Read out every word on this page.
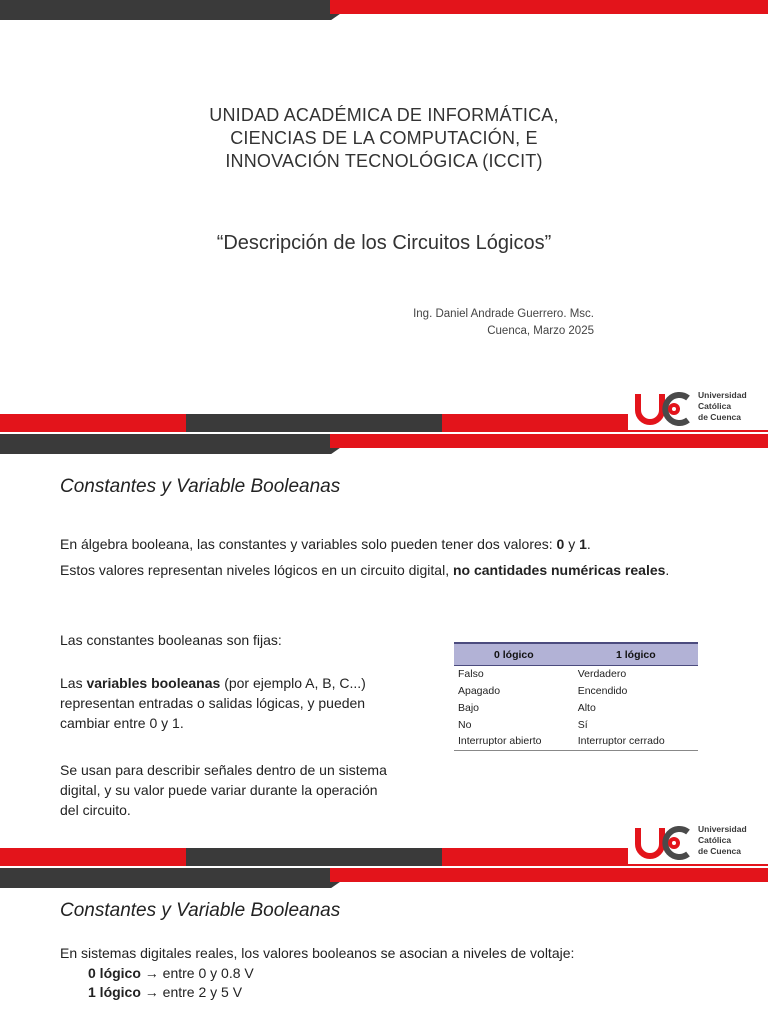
UNIDAD ACADÉMICA DE INFORMÁTICA,
CIENCIAS DE LA COMPUTACIÓN, E
INNOVACIÓN TECNOLÓGICA (ICCIT)
“Descripción de los Circuitos Lógicos”
Ing. Daniel Andrade Guerrero. Msc.
Cuenca, Marzo 2025
Universidad
Católica
de Cuenca
Constantes y Variable Booleanas
En álgebra booleana, las constantes y variables solo pueden tener dos valores: 0 y 1.
Estos valores representan niveles lógicos en un circuito digital, no cantidades numéricas reales.
Las constantes booleanas son fijas:
Las variables booleanas (por ejemplo A, B, C...)
representan entradas o salidas lógicas, y pueden
cambiar entre 0 y 1.
Se usan para describir señales dentro de un sistema
digital, y su valor puede variar durante la operación
del circuito.
0 lógico	1 lógico
Falso	Verdadero
Apagado	Encendido
Bajo	Alto
No	Sí
Interruptor abierto	Interruptor cerrado
Universidad
Católica
de Cuenca
Constantes y Variable Booleanas
En sistemas digitales reales, los valores booleanos se asocian a niveles de voltaje:
0 lógico → entre 0 y 0.8 V
1 lógico → entre 2 y 5 V
